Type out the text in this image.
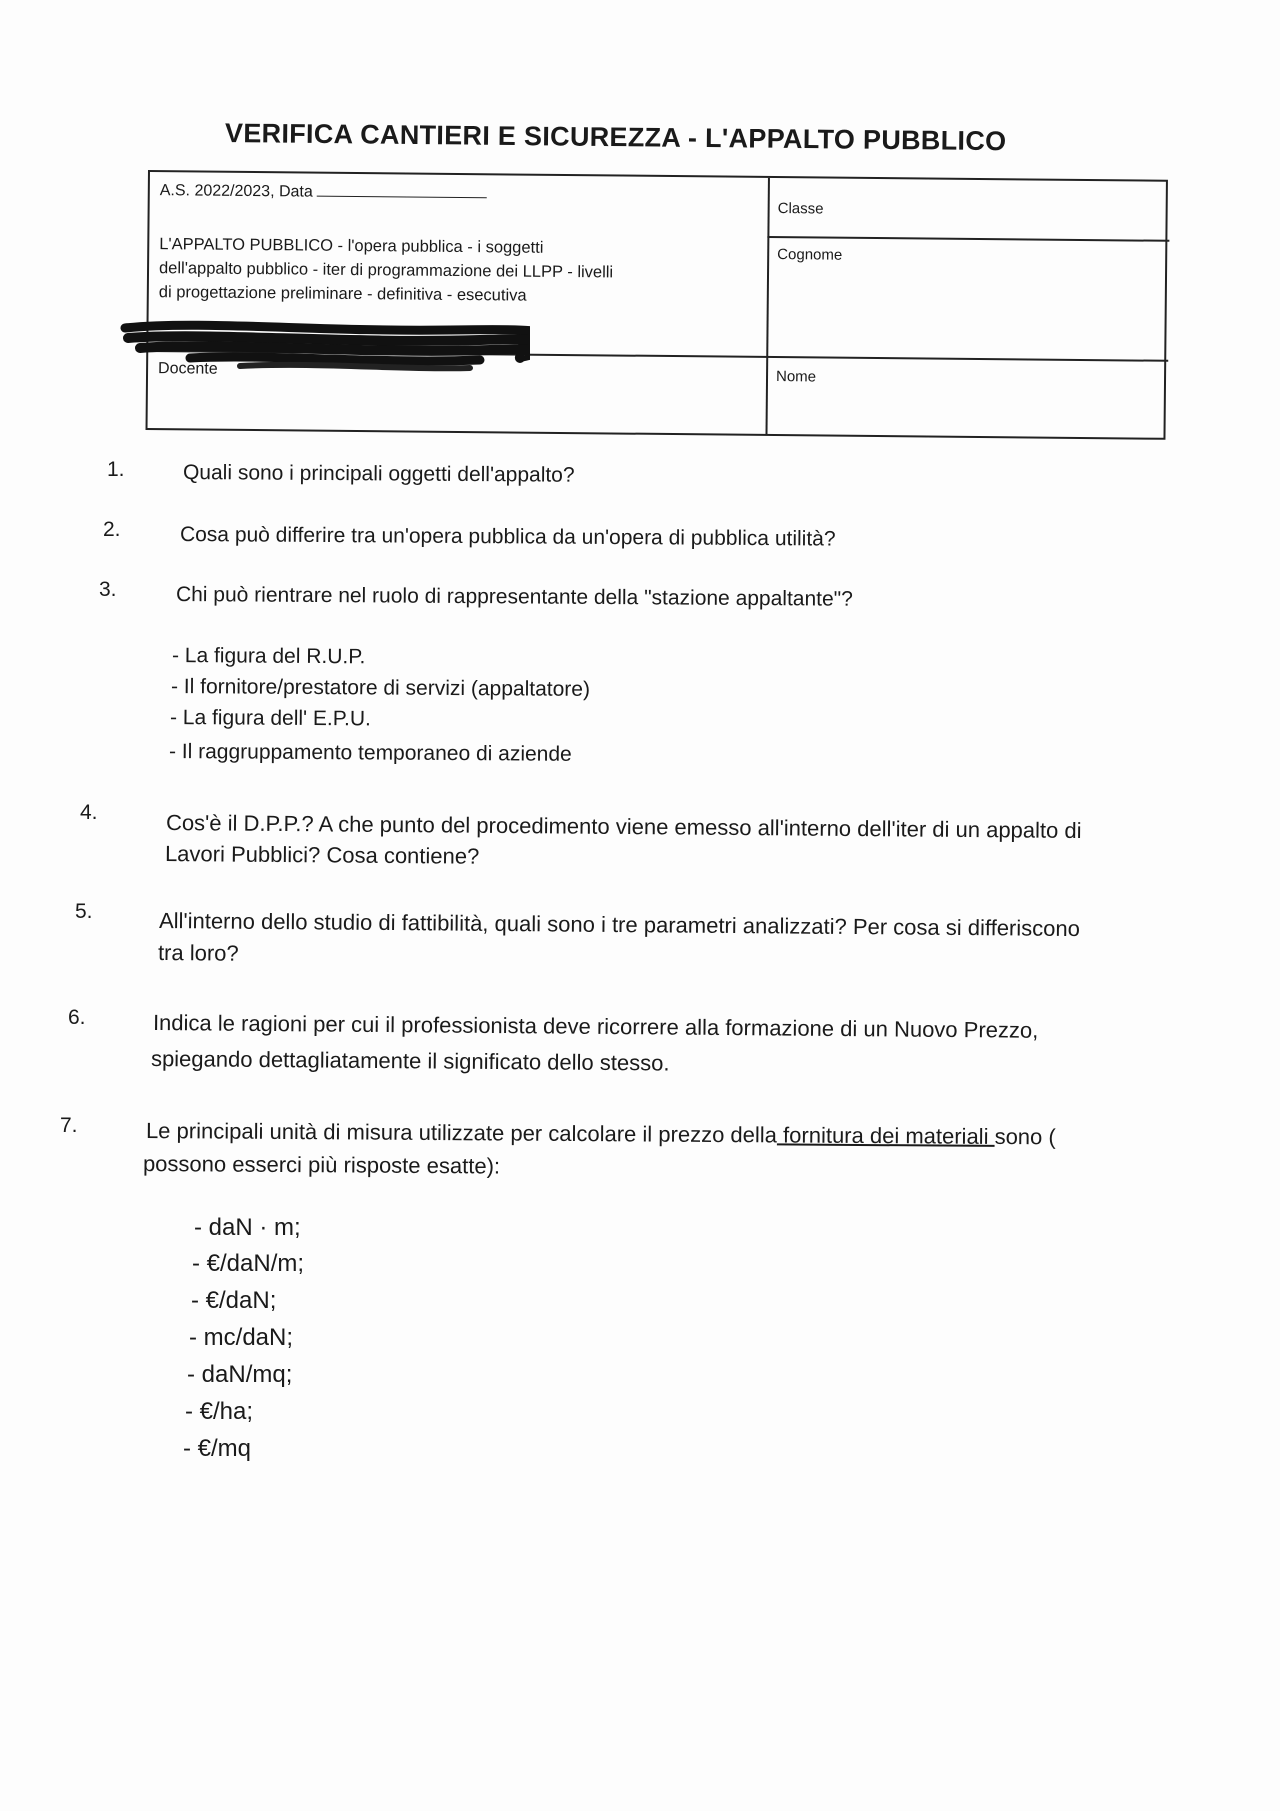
VERIFICA CANTIERI E SICUREZZA - L'APPALTO PUBBLICO
A.S. 2022/2023, Data
L'APPALTO PUBBLICO - l'opera pubblica - i soggetti
dell'appalto pubblico - iter di programmazione dei LLPP - livelli
di progettazione preliminare - definitiva - esecutiva
Docente
Classe
Cognome
Nome
1.	Quali sono i principali oggetti dell'appalto?
2.	Cosa può differire tra un'opera pubblica da un'opera di pubblica utilità?
3.	Chi può rientrare nel ruolo di rappresentante della "stazione appaltante"?
- La figura del R.U.P.
- Il fornitore/prestatore di servizi (appaltatore)
- La figura dell' E.P.U.
- Il raggruppamento temporaneo di aziende
4.	Cos'è il D.P.P.? A che punto del procedimento viene emesso all'interno dell'iter di un appalto di
Lavori Pubblici? Cosa contiene?
5.	All'interno dello studio di fattibilità, quali sono i tre parametri analizzati? Per cosa si differiscono
tra loro?
6.	Indica le ragioni per cui il professionista deve ricorrere alla formazione di un Nuovo Prezzo,
spiegando dettagliatamente il significato dello stesso.
7.	Le principali unità di misura utilizzate per calcolare il prezzo della fornitura dei materiali sono (
possono esserci più risposte esatte):
- daN · m;
- €/daN/m;
- €/daN;
- mc/daN;
- daN/mq;
- €/ha;
- €/mq
